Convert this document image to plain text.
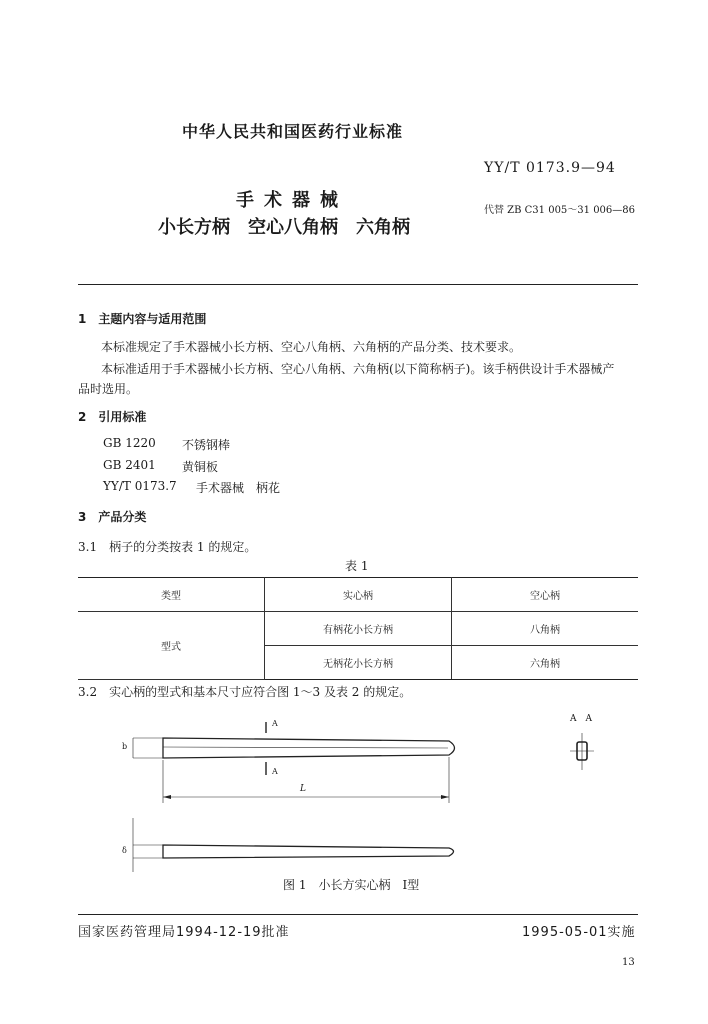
中华人民共和国医药行业标准
YY/T 0173.9—94
手术器械
小长方柄　空心八角柄　六角柄
代替 ZB C31 005～31 006—86
1　主题内容与适用范围
本标准规定了手术器械小长方柄、空心八角柄、六角柄的产品分类、技术要求。
本标准适用于手术器械小长方柄、空心八角柄、六角柄(以下简称柄子)。该手柄供设计手术器械产
品时选用。
2　引用标准
GB 1220 不锈钢棒
GB 2401 黄铜板
YY/T 0173.7 手术器械　柄花
3　产品分类
3.1　柄子的分类按表 1 的规定。
表 1
类型	实心柄	空心柄
型式	有柄花小长方柄	八角柄
	无柄花小长方柄	六角柄
3.2　实心柄的型式和基本尺寸应符合图 1～3 及表 2 的规定。
A
A
b
L
δ
A　A
图 1　小长方实心柄　Ⅰ型
国家医药管理局1994-12-19批准	1995-05-01实施
13
